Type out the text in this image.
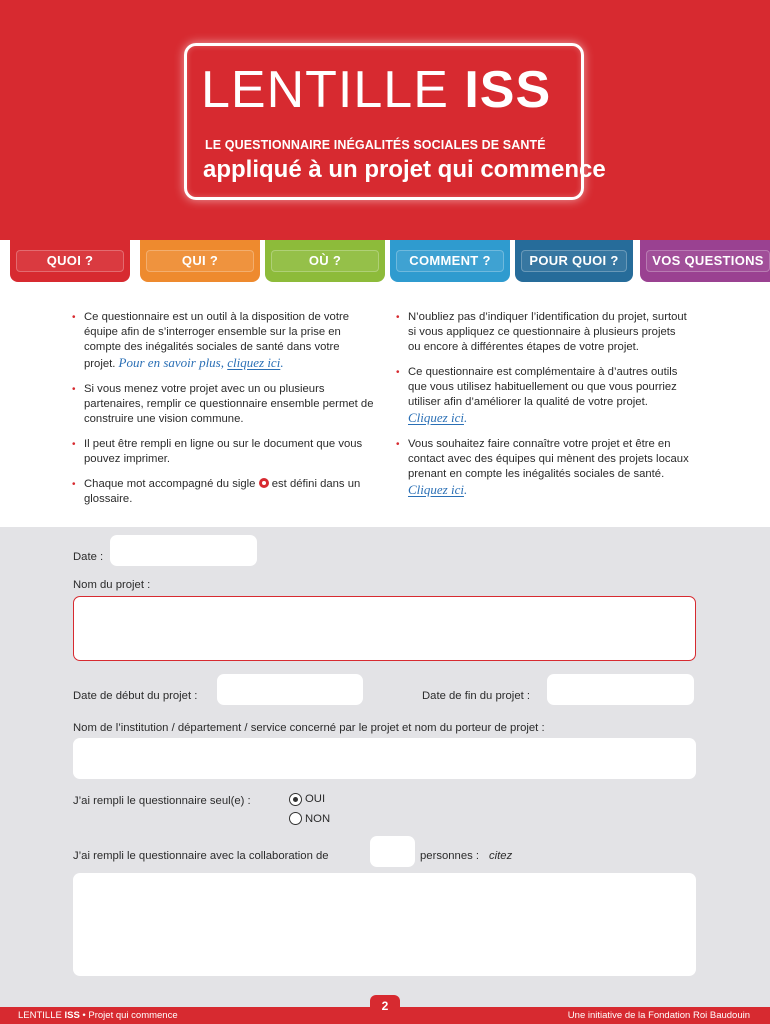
LENTILLE ISS
LE QUESTIONNAIRE INÉGALITÉS SOCIALES DE SANTÉ
appliqué à un projet qui commence
QUOI ?	QUI ?	OÙ ?	COMMENT ?	POUR QUOI ?	VOS QUESTIONS
• Ce questionnaire est un outil à la disposition de votre équipe afin de s’interroger ensemble sur la prise en compte des inégalités sociales de santé dans votre projet. Pour en savoir plus, cliquez ici.
• Si vous menez votre projet avec un ou plusieurs partenaires, remplir ce questionnaire ensemble permet de construire une vision commune.
• Il peut être rempli en ligne ou sur le document que vous pouvez imprimer.
• Chaque mot accompagné du sigle  est défini dans un glossaire.
• N’oubliez pas d’indiquer l’identification du projet, surtout si vous appliquez ce questionnaire à plusieurs projets ou encore à différentes étapes de votre projet.
• Ce questionnaire est complémentaire à d’autres outils que vous utilisez habituellement ou que vous pourriez utiliser afin d’améliorer la qualité de votre projet. Cliquez ici.
• Vous souhaitez faire connaître votre projet et être en contact avec des équipes qui mènent des projets locaux prenant en compte les inégalités sociales de santé. Cliquez ici.
Date :
Nom du projet :
Date de début du projet :	Date de fin du projet :
Nom de l’institution / département / service concerné par le projet et nom du porteur de projet :
J’ai rempli le questionnaire seul(e) :	OUI
NON
J’ai rempli le questionnaire avec la collaboration de	personnes : citez
LENTILLE ISS • Projet qui commence
2
Une initiative de la Fondation Roi Baudouin
